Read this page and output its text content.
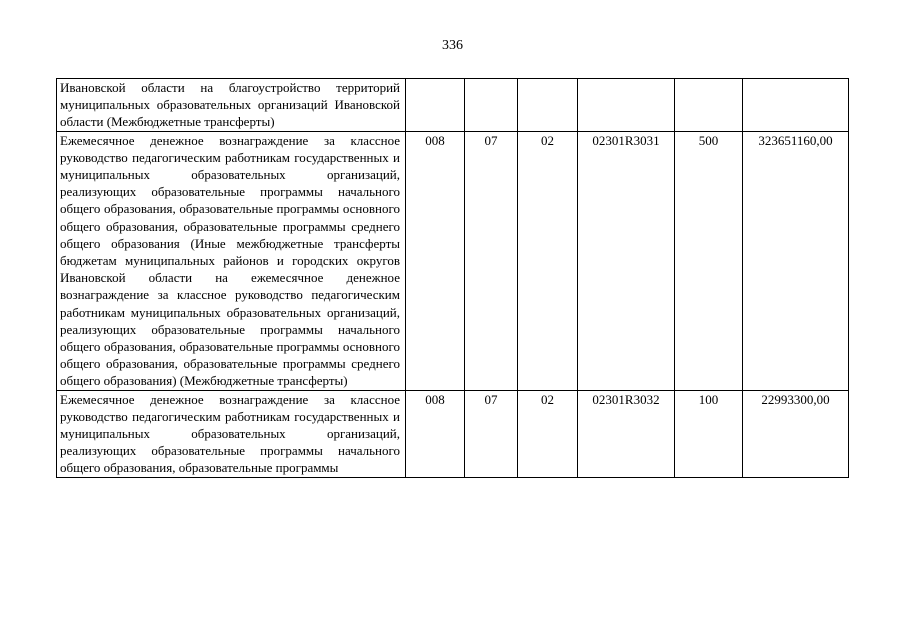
336
Ивановской области на благоустройство территорий муниципальных образовательных организаций Ивановской области (Межбюджетные трансферты)						
Ежемесячное денежное вознаграждение за классное руководство педагогическим работникам государственных и муниципальных образовательных организаций, реализующих образовательные программы начального общего образования, образовательные программы основного общего образования, образовательные программы среднего общего образования (Иные межбюджетные трансферты бюджетам муниципальных районов и городских округов Ивановской области на ежемесячное денежное вознаграждение за классное руководство педагогическим работникам муниципальных образовательных организаций, реализующих образовательные программы начального общего образования, образовательные программы основного общего образования, образовательные программы среднего общего образования) (Межбюджетные трансферты)	008	07	02	02301R3031	500	323651160,00
Ежемесячное денежное вознаграждение за классное руководство педагогическим работникам государственных и муниципальных образовательных организаций, реализующих образовательные программы начального общего образования, образовательные программы	008	07	02	02301R3032	100	22993300,00
